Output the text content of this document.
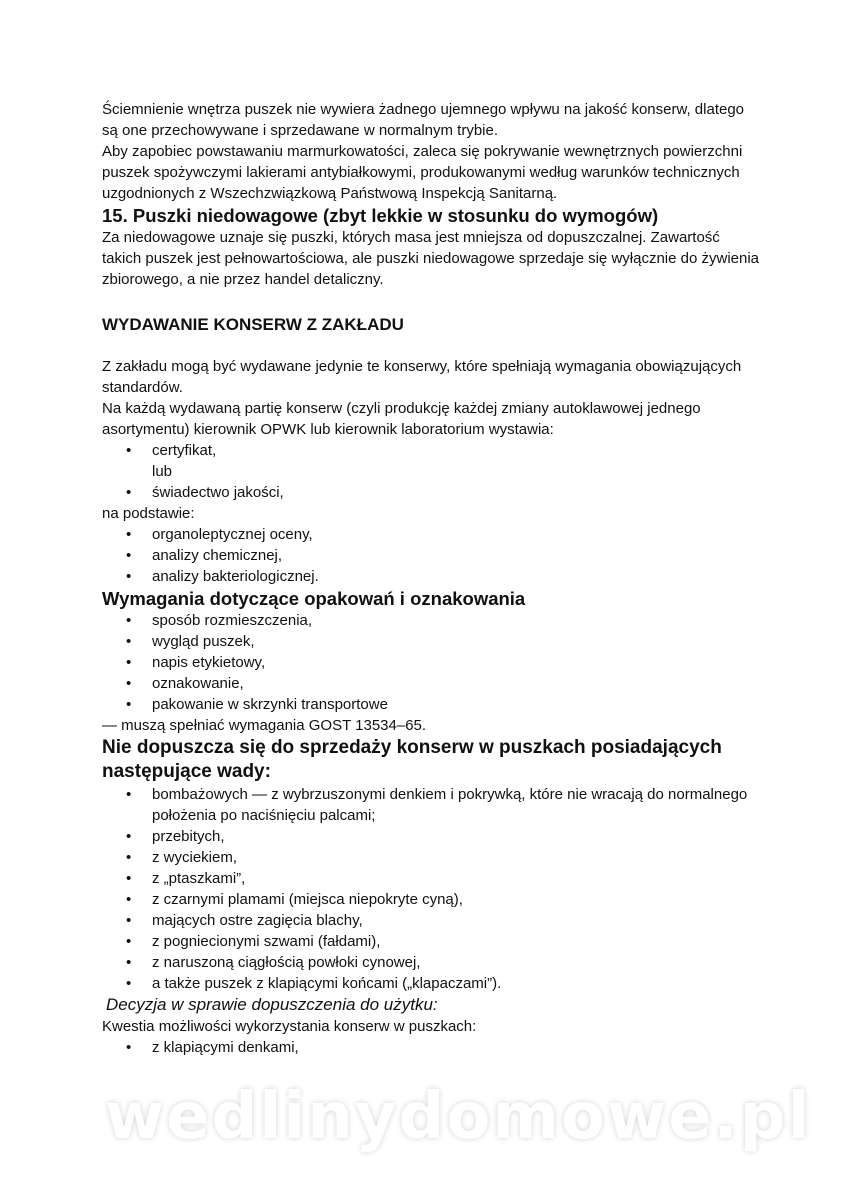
Ściemnienie wnętrza puszek nie wywiera żadnego ujemnego wpływu na jakość konserw, dlatego są one przechowywane i sprzedawane w normalnym trybie.

Aby zapobiec powstawaniu marmurkowatości, zaleca się pokrywanie wewnętrznych powierzchni puszek spożywczymi lakierami antybiałkowymi, produkowanymi według warunków technicznych uzgodnionych z Wszechzwiązkową Państwową Inspekcją Sanitarną.

15. Puszki niedowagowe (zbyt lekkie w stosunku do wymogów)

Za niedowagowe uznaje się puszki, których masa jest mniejsza od dopuszczalnej. Zawartość takich puszek jest pełnowartościowa, ale puszki niedowagowe sprzedaje się wyłącznie do żywienia zbiorowego, a nie przez handel detaliczny.

WYDAWANIE KONSERW Z ZAKŁADU

Z zakładu mogą być wydawane jedynie te konserwy, które spełniają wymagania obowiązujących standardów.

Na każdą wydawaną partię konserw (czyli produkcję każdej zmiany autoklawowej jednego asortymentu) kierownik OPWK lub kierownik laboratorium wystawia:

• certyfikat,
lub
• świadectwo jakości,

na podstawie:

• organoleptycznej oceny,
• analizy chemicznej,
• analizy bakteriologicznej.
Wymagania dotyczące opakowań i oznakowania
• sposób rozmieszczenia,
• wygląd puszek,
• napis etykietowy,
• oznakowanie,
• pakowanie w skrzynki transportowe

— muszą spełniać wymagania GOST 13534–65.

Nie dopuszcza się do sprzedaży konserw w puszkach posiadających następujące wady:
• bombażowych — z wybrzuszonymi denkiem i pokrywką, które nie wracają do normalnego położenia po naciśnięciu palcami;
• przebitych,
• z wyciekiem,
• z „ptaszkami”,
• z czarnymi plamami (miejsca niepokryte cyną),
• mających ostre zagięcia blachy,
• z pogniecionymi szwami (fałdami),
• z naruszoną ciągłością powłoki cynowej,
• a także puszek z klapiącymi końcami („klapaczami”).

Decyzja w sprawie dopuszczenia do użytku:

Kwestia możliwości wykorzystania konserw w puszkach:

• z klapiącymi denkami,
wedlinydomowe.pl
